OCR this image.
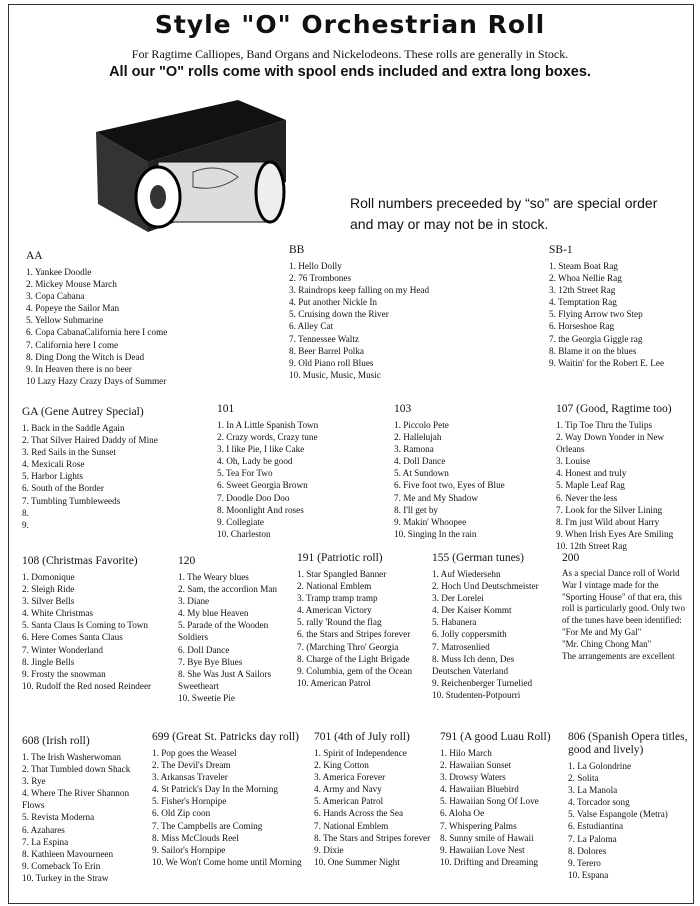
Style "O" Orchestrian Roll
For Ragtime Calliopes, Band Organs and Nickelodeons. These rolls are generally in Stock.
All our "O" rolls come with spool ends included and extra long boxes.
Roll numbers preceeded by “so” are special order and may or may not be in stock.
AA
1. Yankee Doodle
2. Mickey Mouse March
3. Copa Cabana
4. Popeye the Sailor Man
5. Yellow Submarine
6. Copa CabanaCalifornia here I come
7. California here I come
8. Ding Dong the Witch is Dead
9. In Heaven there is no beer
10 Lazy Hazy Crazy Days of Summer
BB
1. Hello Dolly
2. 76 Trombones
3. Raindrops keep falling on my Head
4. Put another Nickle In
5. Cruising down the River
6. Alley Cat
7. Tennessee Waltz
8. Beer Barrel Polka
9. Old Piano roll Blues
10. Music, Music, Music
SB-1
1. Steam Boat Rag
2. Whoa Nellie Rag
3. 12th Street Rag
4. Temptation Rag
5. Flying Arrow two Step
6. Horseshoe Rag
7. the Georgia Giggle rag
8. Blame it on the blues
9. Waitin' for the Robert E. Lee
GA (Gene Autrey Special)
1. Back in the Saddle Again
2. That Silver Haired Daddy of Mine
3. Red Sails in the Sunset
4. Mexicali Rose
5. Harbor Lights
6. South of the Border
7. Tumbling Tumbleweeds
8.
9.
101
1. In A Little Spanish Town
2. Crazy words, Crazy tune
3. I like Pie, I like Cake
4. Oh, Lady be good
5. Tea For Two
6. Sweet Georgia Brown
7. Doodle Doo Doo
8. Moonlight And roses
9. Collegiate
10. Charleston
103
1. Piccolo Pete
2. Hallelujah
3. Ramona
4. Doll Dance
5. At Sundown
6. Five foot two, Eyes of Blue
7. Me and My Shadow
8. I'll get by
9. Makin' Whoopee
10. Singing In the rain
107 (Good, Ragtime too)
1. Tip Toe Thru the Tulips
2. Way Down Yonder in New Orleans
3. Louise
4. Honest and truly
5. Maple Leaf Rag
6. Never the less
7. Look for the Silver Lining
8. I'm just Wild about Harry
9. When Irish Eyes Are Smiling
10. 12th Street Rag
108 (Christmas Favorite)
1. Domonique
2. Sleigh Ride
3. Silver Bells
4. White Christmas
5. Santa Claus Is Coming to Town
6. Here Comes Santa Claus
7. Winter Wonderland
8. Jingle Bells
9. Frosty the snowman
10. Rudolf the Red nosed Reindeer
120
1. The Weary blues
2. Sam, the accordion Man
3. Diane
4. My blue Heaven
5. Parade of the Wooden Soldiers
6. Doll Dance
7. Bye Bye Blues
8. She Was Just A Sailors Sweetheart
10. Sweetie Pie
191 (Patriotic roll)
1. Star Spangled Banner
2. National Emblem
3. Tramp tramp tramp
4. American Victory
5. rally 'Round the flag
6. the Stars and Stripes forever
7. (Marching Thro' Georgia
8. Charge of the Light Brigade
9. Columbia, gem of the Ocean
10. American Patrol
155 (German tunes)
1. Auf Wiedersehn
2. Hoch Und Deutschmeister
3. Der Lorelei
4. Der Kaiser Kommt
5. Habanera
6. Jolly coppersmith
7. Matrosenlied
8. Muss Ich denn, Des Deutschen Vaterland
9. Reichenberger Turnelied
10. Studenten-Potpourri
200
As a special Dance roll of World War I vintage made for the "Sporting House" of that era, this roll is particularly good. Only two of the tunes have been identified:
"For Me and My Gal"
"Mr. Ching Chong Man"
The arrangements are excellent
608 (Irish roll)
1. The Irish Washerwoman
2. That Tumbled down Shack
3. Rye
4. Where The River Shannon Flows
5. Revista Moderna
6. Azahares
7. La Espina
8. Kathleen Mavourneen
9. Comeback To Erin
10. Turkey in the Straw
699 (Great St. Patricks day roll)
1. Pop goes the Weasel
2. The Devil's Dream
3. Arkansas Traveler
4. St Patrick's Day In the Morning
5. Fisher's Hornpipe
6. Old Zip coon
7. The Campbells are Coming
8. Miss McClouds Reel
9. Sailor's Hornpipe
10. We Won't Come home until Morning
701 (4th of July roll)
1. Spirit of Independence
2. King Cotton
3. America Forever
4. Army and Navy
5. American Patrol
6. Hands Across the Sea
7. National Emblem
8. The Stars and Stripes forever
9. Dixie
10. One Summer Night
791 (A good Luau Roll)
1. Hilo March
2. Hawaiian Sunset
3. Drowsy Waters
4. Hawaiian Bluebird
5. Hawaiian Song Of Love
6. Aloha Oe
7. Whispering Palms
8. Sunny smile of Hawaii
9. Hawaiian Love Nest
10. Drifting and Dreaming
806 (Spanish Opera titles, good and lively)
1. La Golondrine
2. Solita
3. La Manola
4. Torcador song
5. Valse Espangole (Metra)
6. Estudiantina
7. La Paloma
8. Dolores
9. Terero
10. Espana
